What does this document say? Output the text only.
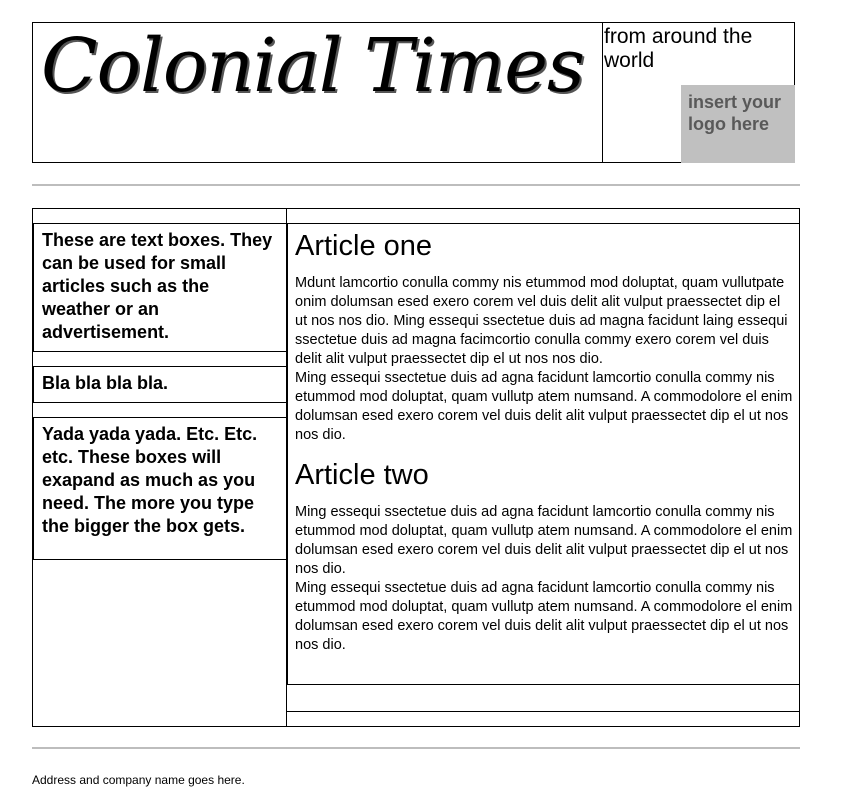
Colonial Times from around the world
insert your logo here
These are text boxes. They can be used for small articles such as the weather or an advertisement.
Bla bla bla bla.
Yada yada yada. Etc. Etc. etc. These boxes will exapand as much as you need. The more you type the bigger the box gets.
Article one

Mdunt lamcortio conulla commy nis etummod mod doluptat, quam vullutpate onim dolumsan esed exero corem vel duis delit alit vulput praessectet dip el ut nos nos dio. Ming essequi ssectetue duis ad magna facidunt laing essequi ssectetue duis ad magna facimcortio conulla commy exero corem vel duis delit alit vulput praessectet dip el ut nos nos dio.

Ming essequi ssectetue duis ad agna facidunt lamcortio conulla commy nis etummod mod doluptat, quam vullutp atem numsand. A commodolore el enim dolumsan esed exero corem vel duis delit alit vulput praessectet dip el ut nos nos dio.

Article two

Ming essequi ssectetue duis ad agna facidunt lamcortio conulla commy nis etummod mod doluptat, quam vullutp atem numsand. A commodolore el enim dolumsan esed exero corem vel duis delit alit vulput praessectet dip el ut nos nos dio.

Ming essequi ssectetue duis ad agna facidunt lamcortio conulla commy nis etummod mod doluptat, quam vullutp atem numsand. A commodolore el enim dolumsan esed exero corem vel duis delit alit vulput praessectet dip el ut nos nos dio.

Address and company name goes here.
